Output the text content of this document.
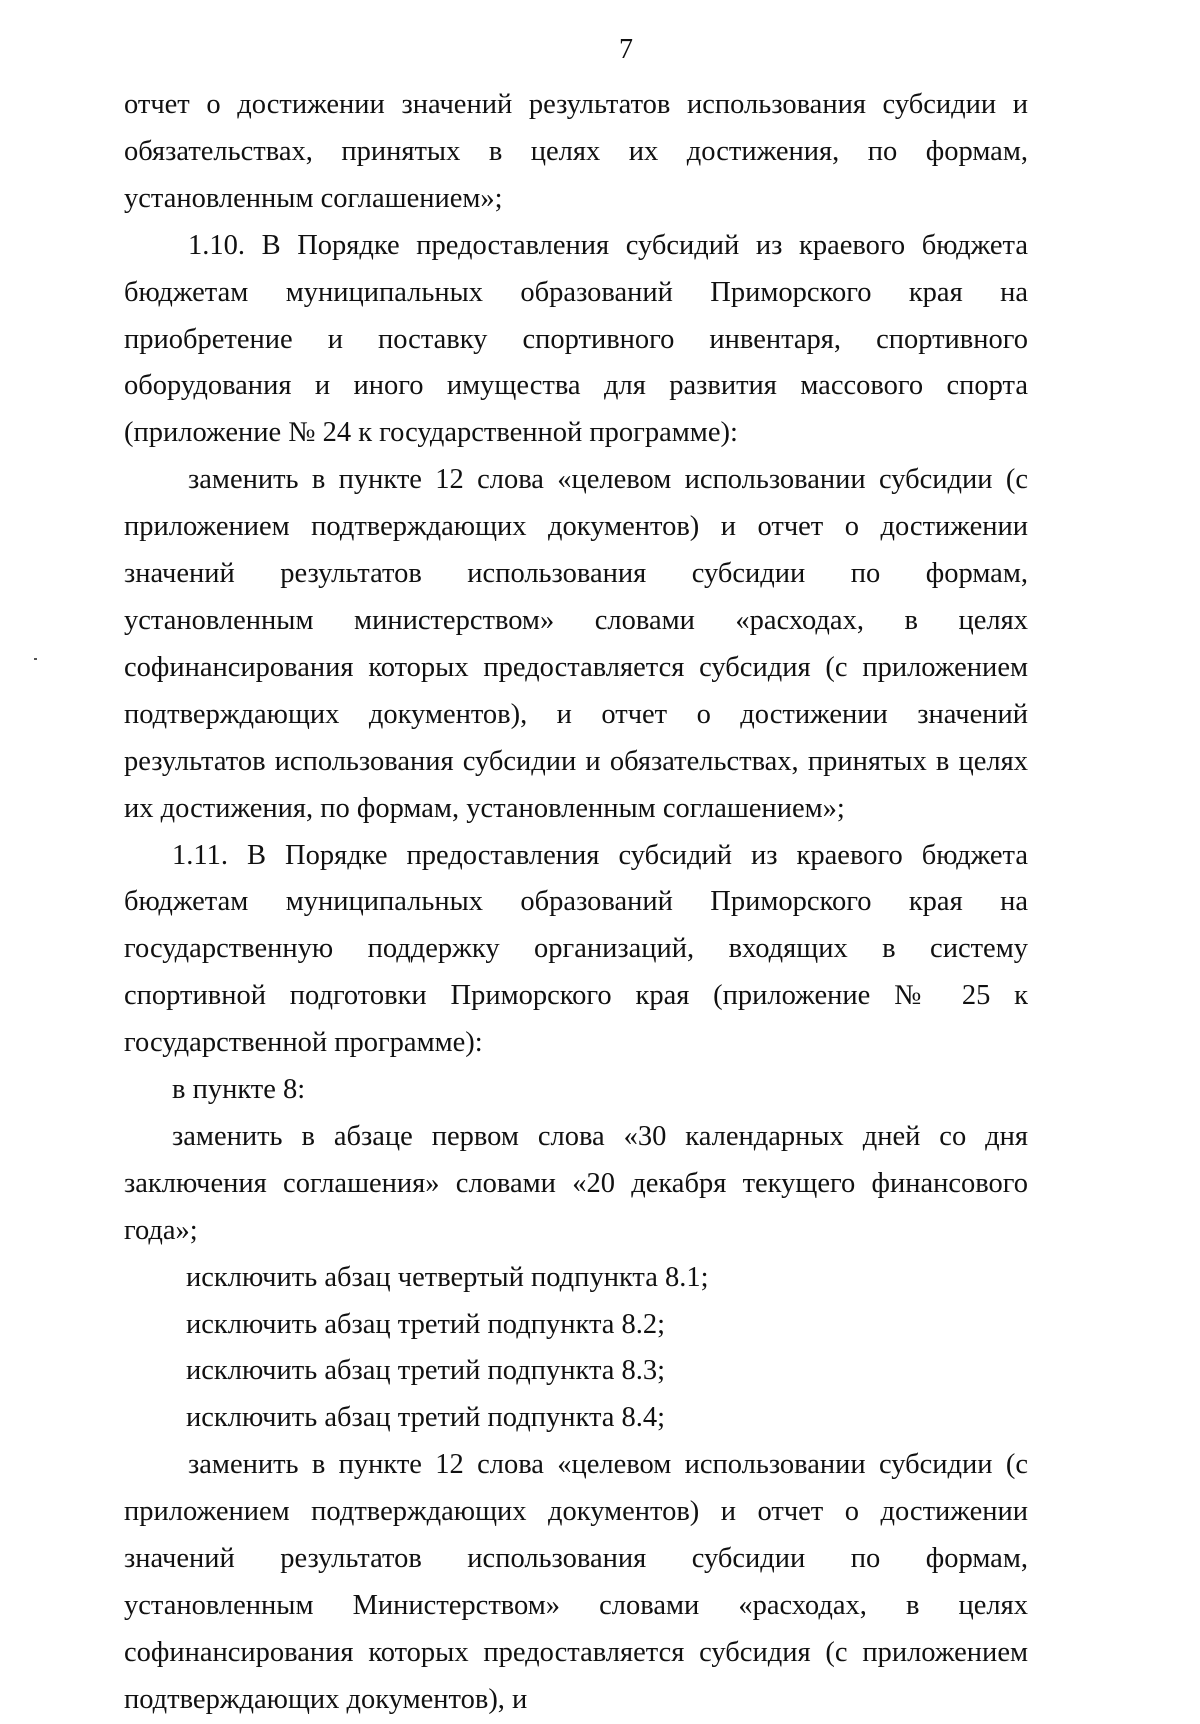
7

отчет о достижении значений результатов использования субсидии и обязательствах, принятых в целях их достижения, по формам, установленным соглашением»;

1.10. В Порядке предоставления субсидий из краевого бюджета бюджетам муниципальных образований Приморского края на приобретение и поставку спортивного инвентаря, спортивного оборудования и иного имущества для развития массового спорта (приложение № 24 к государственной программе):

заменить в пункте 12 слова «целевом использовании субсидии (с приложением подтверждающих документов) и отчет о достижении значений результатов использования субсидии по формам, установленным министерством» словами «расходах, в целях софинансирования которых предоставляется субсидия (с приложением подтверждающих документов), и отчет о достижении значений результатов использования субсидии и обязательствах, принятых в целях их достижения, по формам, установленным соглашением»;

1.11. В Порядке предоставления субсидий из краевого бюджета бюджетам муниципальных образований Приморского края на государственную поддержку организаций, входящих в систему спортивной подготовки Приморского края (приложение № 25 к государственной программе):

в пункте 8:

заменить в абзаце первом слова «30 календарных дней со дня заключения соглашения» словами «20 декабря текущего финансового года»;

исключить абзац четвертый подпункта 8.1;

исключить абзац третий подпункта 8.2;

исключить абзац третий подпункта 8.3;

исключить абзац третий подпункта 8.4;

заменить в пункте 12 слова «целевом использовании субсидии (с приложением подтверждающих документов) и отчет о достижении значений результатов использования субсидии по формам, установленным Министерством» словами «расходах, в целях софинансирования которых предоставляется субсидия (с приложением подтверждающих документов), и
